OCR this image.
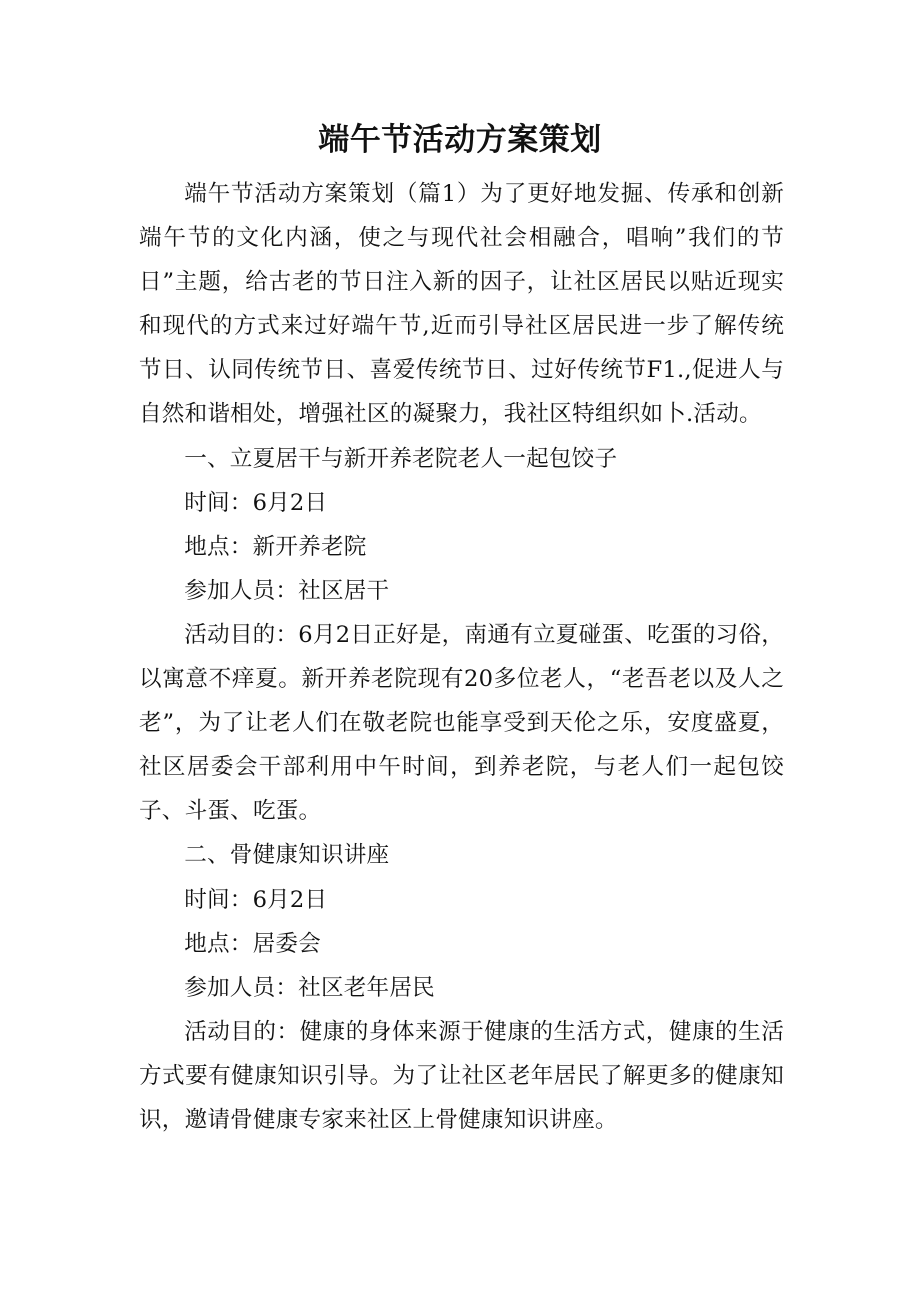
端午节活动方案策划

端午节活动方案策划（篇1）为了更好地发掘、传承和创新端午节的文化内涵，使之与现代社会相融合，唱响”我们的节日”主题，给古老的节日注入新的因子，让社区居民以贴近现实和现代的方式来过好端午节,近而引导社区居民进一步了解传统节日、认同传统节日、喜爱传统节日、过好传统节F1.,促进人与自然和谐相处，增强社区的凝聚力，我社区特组织如卜.活动。

一、立夏居干与新开养老院老人一起包饺子

时间：6月2日

地点：新开养老院

参加人员：社区居干

活动目的：6月2日正好是，南通有立夏碰蛋、吃蛋的习俗，以寓意不痒夏。新开养老院现有20多位老人，“老吾老以及人之老”，为了让老人们在敬老院也能享受到天伦之乐，安度盛夏，社区居委会干部利用中午时间，到养老院，与老人们一起包饺子、斗蛋、吃蛋。

二、骨健康知识讲座

时间：6月2日

地点：居委会

参加人员：社区老年居民

活动目的：健康的身体来源于健康的生活方式，健康的生活方式要有健康知识引导。为了让社区老年居民了解更多的健康知识，邀请骨健康专家来社区上骨健康知识讲座。
